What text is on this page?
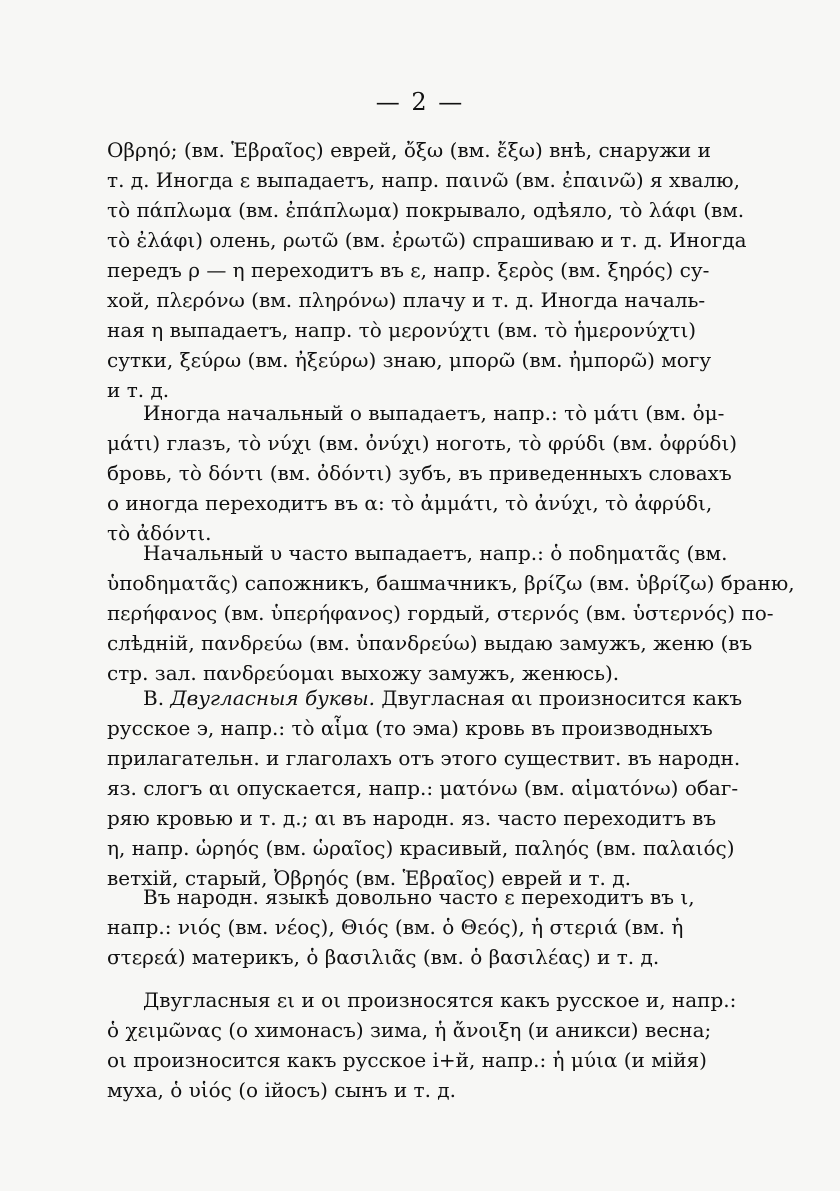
— 2 —
Οβρηό; (вм. Ἑβραῖος) еврей, ὄξω (вм. ἔξω) внѣ, снаружи и
т. д. Иногда ε выпадаетъ, напр. παινῶ (вм. ἐπαινῶ) я хвалю,
τὸ πάπλωμα (вм. ἐπάπλωμα) покрывало, одѣяло, τὸ λάφι (вм.
τὸ ἐλάφι) олень, ρωτῶ (вм. ἐρωτῶ) спрашиваю и т. д. Иногда
передъ ρ — η переходитъ въ ε, напр. ξερὸς (вм. ξηρός) су-
хой, πλερόνω (вм. πληρόνω) плачу и т. д. Иногда началь-
ная η выпадаетъ, напр. τὸ μερονύχτι (вм. τὸ ἡμερονύχτι)
сутки, ξεύρω (вм. ἠξεύρω) знаю, μπορῶ (вм. ἠμπορῶ) могу
и т. д.
Иногда начальный ο выпадаетъ, напр.: τὸ μάτι (вм. ὀμ-
μάτι) глазъ, τὸ νύχι (вм. ὀνύχι) ноготь, τὸ φρύδι (вм. ὀφρύδι)
бровь, τὸ δόντι (вм. ὀδόντι) зубъ, въ приведенныхъ словахъ
ο иногда переходитъ въ α: τὸ ἀμμάτι, τὸ ἀνύχι, τὸ ἀφρύδι,
τὸ ἀδόντι.
Начальный υ часто выпадаетъ, напр.: ὁ ποδηματᾶς (вм.
ὑποδηματᾶς) сапожникъ, башмачникъ, βρίζω (вм. ὑβρίζω) браню,
περήφανος (вм. ὑπερήφανος) гордый, στερνός (вм. ὑστερνός) по-
слѣдній, πανδρεύω (вм. ὑπανδρεύω) выдаю замужъ, женю (въ
стр. зал. πανδρεύομαι выхожу замужъ, женюсь).
B. Двугласныя буквы. Двугласная αι произносится какъ
русское э, напр.: τὸ αἷμα (то эма) кровь въ производныхъ
прилагательн. и глаголахъ отъ этого существит. въ народн.
яз. слогъ αι опускается, напр.: ματόνω (вм. αἱματόνω) обаг-
ряю кровью и т. д.; αι въ народн. яз. часто переходитъ въ
η, напр. ὡρηός (вм. ὡραῖος) красивый, παληός (вм. παλαιός)
ветхій, старый, Ὀβρηός (вм. Ἑβραῖος) еврей и т. д.
Въ народн. языкѣ довольно часто ε переходитъ въ ι,
напр.: νιός (вм. νέος), Θιός (вм. ὁ Θεός), ἡ στεριά (вм. ἡ
στερεά) материкъ, ὁ βασιλιᾶς (вм. ὁ βασιλέας) и т. д.
Двугласныя ει и οι произносятся какъ русское и, напр.:
ὁ χειμῶνας (о химонасъ) зима, ἡ ἄνοιξη (и аникси) весна;
οι произносится какъ русское і+й, напр.: ἡ μύια (и мійя)
муха, ὁ υἱός (о ійосъ) сынъ и т. д.
